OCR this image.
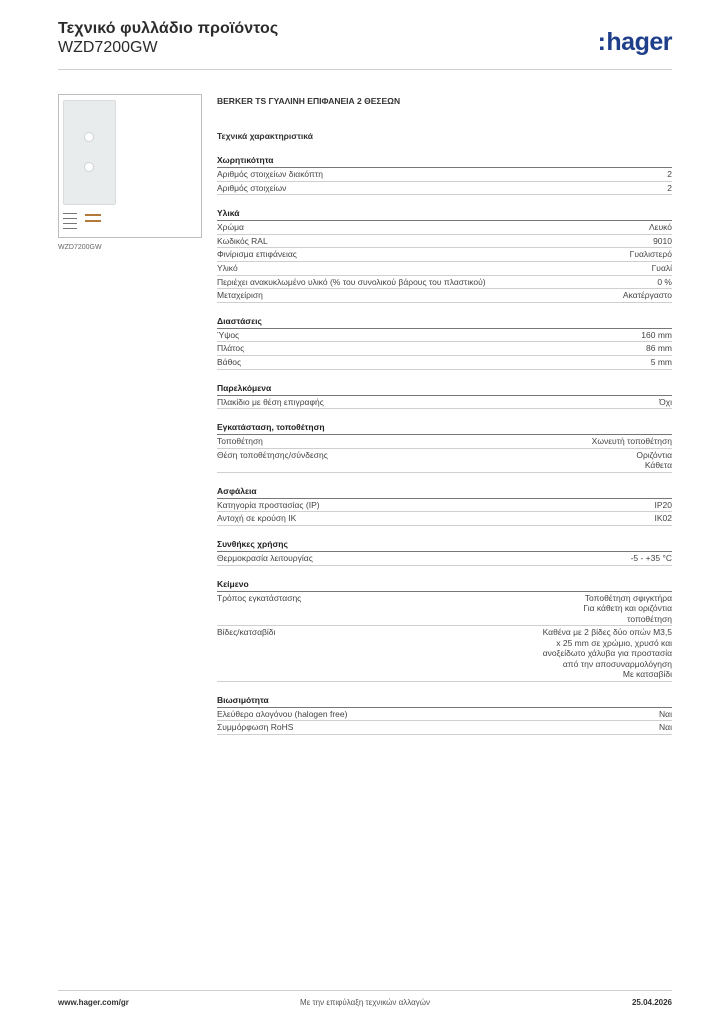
Τεχνικό φυλλάδιο προϊόντος
WZD7200GW	:hager
WZD7200GW
BERKER TS ΓΥΑΛΙΝΗ ΕΠΙΦΑΝΕΙΑ 2 ΘΕΣΕΩΝ
Τεχνικά χαρακτηριστικά
Χωρητικότητα
Αριθμός στοιχείων διακόπτη	2
Αριθμός στοιχείων	2
Υλικά
Χρώμα	Λευκό
Κωδικός RAL	9010
Φινίρισμα επιφάνειας	Γυαλιστερό
Υλικό	Γυαλί
Περιέχει ανακυκλωμένο υλικό (% του συνολικού βάρους του πλαστικού)	0 %
Μεταχείριση	Ακατέργαστο
Διαστάσεις
Ύψος	160 mm
Πλάτος	86 mm
Βάθος	5 mm
Παρελκόμενα
Πλακίδιο με θέση επιγραφής	Όχι
Εγκατάσταση, τοποθέτηση
Τοποθέτηση	Χωνευτή τοποθέτηση
Θέση τοποθέτησης/σύνδεσης	Οριζόντια
Κάθετα
Ασφάλεια
Κατηγορία προστασίας (IP)	IP20
Αντοχή σε κρούση IK	IK02
Συνθήκες χρήσης
Θερμοκρασία λειτουργίας	-5 - +35 °C
Κείμενο
Τρόπος εγκατάστασης	Τοποθέτηση σφιγκτήρα
Για κάθετη και οριζόντια
τοποθέτηση
Βίδες/κατσαβίδι	Καθένα με 2 βίδες δύο οπών M3,5
x 25 mm σε χρώμιο, χρυσό και
ανοξείδωτο χάλυβα για προστασία
από την αποσυναρμολόγηση
Με κατσαβίδι
Βιωσιμότητα
Ελεύθερο αλογόνου (halogen free)	Ναι
Συμμόρφωση RoHS	Ναι
www.hager.com/gr	Με την επιφύλαξη τεχνικών αλλαγών	25.04.2026
